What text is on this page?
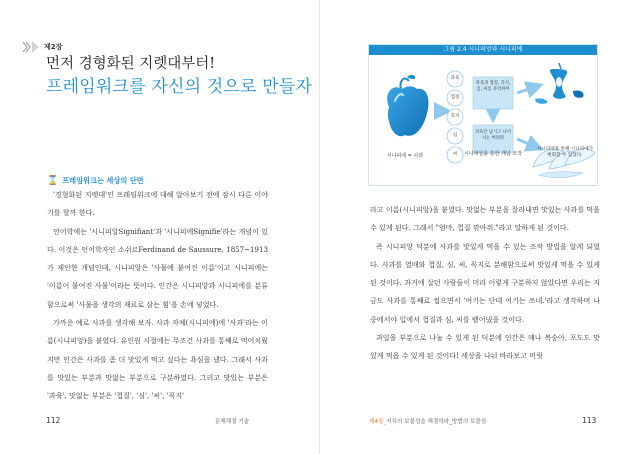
제2장
먼저 경형화된 지렛대부터!
프레임워크를 자신의 것으로 만들자
⌛ 프레임워크는 세상의 단면

'경형화된 지렛대'인 프레임워크에 대해 알아보기 전에 잠시 다른 이야기를 할까 한다.

언어학에는 '시니피앙Signifiant'과 '시니피에Signifie'라는 개념이 있다. 이것은 언어학자인 소쉬르Ferdinand de Saussure, 1857~1913가 제안한 개념인데, 시니피앙은 '사물에 붙여진 이름'이고 시니피에는 '이름이 붙여진 사물'이라는 뜻이다. 인간은 시니피앙과 시니피에를 분류함으로써 '사물을 생각의 재료로 삼는 힘'을 손에 넣었다.

가까운 예로 사과를 생각해 보자. 사과 자체(시니피에)에 '사과'라는 이름(시니피앙)을 붙였다. 유인원 시절에는 무조건 사과를 통째로 먹어치웠지만 인간은 사과를 좀 더 맛있게 먹고 싶다는 욕심을 냈다. 그래서 사과를 맛있는 부분과 맛없는 부분으로 구분하였다. 그리고 맛있는 부분은 '과육', 맛없는 부분은 '껍질', '심', '씨', '꼭지'

112	문제해결 기술
그림 2.4 시니피앙과 시니피에
과육
껍질
꼭지
심
씨
과육과 껍질, 꼭지, 심, 씨를 분리하여
과육만 남기고 나머지는 버려라
시니피에 = 사과	시니피앙을 통한 개념 조작
시니피앙을 통해 시니피에가 변화할 수 있었다.

라고 이름(시니피앙)을 붙였다. 맛없는 부분을 잘라내면 맛있는 사과를 먹을 수 있게 된다. 그래서 "엄마, 껍질 깎아줘."라고 말하게 된 것이다.

즉 시니피앙 덕분에 사과를 맛있게 먹을 수 있는 조작 방법을 알게 되었다. 사과를 열매와 껍질, 심, 씨, 꼭지로 분해함으로써 맛있게 먹을 수 있게 된 것이다. 과거에 살던 사람들이 미리 이렇게 구분하지 않았다면 우리는 지금도 사과를 통째로 씹으면서 '여기는 단데 여기는 쓰네.'라고 생각하며 나중에서야 입에서 껍질과 심, 씨를 뱉어냈을 것이다.

과일을 부분으로 나눌 수 있게 된 덕분에 인간은 매나 복숭아, 포도도 맛있게 먹을 수 있게 된 것이다! 세상을 나눠 바라보고 머릿

제4장_지식의 보물섬을 해결하라_방법의 보물섬	113
